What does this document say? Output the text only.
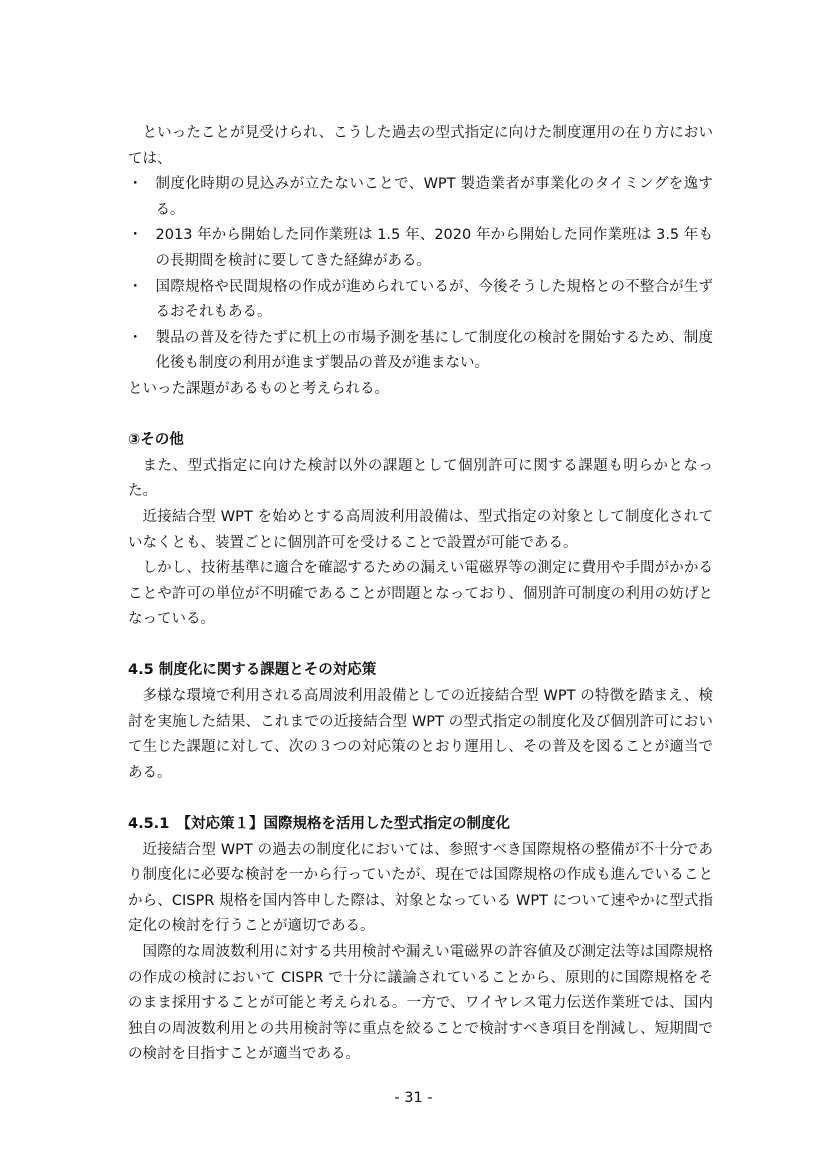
といったことが見受けられ、こうした過去の型式指定に向けた制度運用の在り方においては、

・ 制度化時期の見込みが立たないことで、WPT 製造業者が事業化のタイミングを逸する。
・ 2013 年から開始した同作業班は 1.5 年、2020 年から開始した同作業班は 3.5 年もの長期間を検討に要してきた経緯がある。
・ 国際規格や民間規格の作成が進められているが、今後そうした規格との不整合が生ずるおそれもある。
・ 製品の普及を待たずに机上の市場予測を基にして制度化の検討を開始するため、制度化後も制度の利用が進まず製品の普及が進まない。

といった課題があるものと考えられる。

③その他

また、型式指定に向けた検討以外の課題として個別許可に関する課題も明らかとなった。

近接結合型 WPT を始めとする高周波利用設備は、型式指定の対象として制度化されていなくとも、装置ごとに個別許可を受けることで設置が可能である。

しかし、技術基準に適合を確認するための漏えい電磁界等の測定に費用や手間がかかることや許可の単位が不明確であることが問題となっており、個別許可制度の利用の妨げとなっている。

4.5 制度化に関する課題とその対応策

多様な環境で利用される高周波利用設備としての近接結合型 WPT の特徴を踏まえ、検討を実施した結果、これまでの近接結合型 WPT の型式指定の制度化及び個別許可において生じた課題に対して、次の３つの対応策のとおり運用し、その普及を図ることが適当である。

4.5.1　【対応策１】国際規格を活用した型式指定の制度化

近接結合型 WPT の過去の制度化においては、参照すべき国際規格の整備が不十分であり制度化に必要な検討を一から行っていたが、現在では国際規格の作成も進んでいることから、CISPR 規格を国内答申した際は、対象となっている WPT について速やかに型式指定化の検討を行うことが適切である。

国際的な周波数利用に対する共用検討や漏えい電磁界の許容値及び測定法等は国際規格の作成の検討において CISPR で十分に議論されていることから、原則的に国際規格をそのまま採用することが可能と考えられる。一方で、ワイヤレス電力伝送作業班では、国内独自の周波数利用との共用検討等に重点を絞ることで検討すべき項目を削減し、短期間での検討を目指すことが適当である。

- 31 -
